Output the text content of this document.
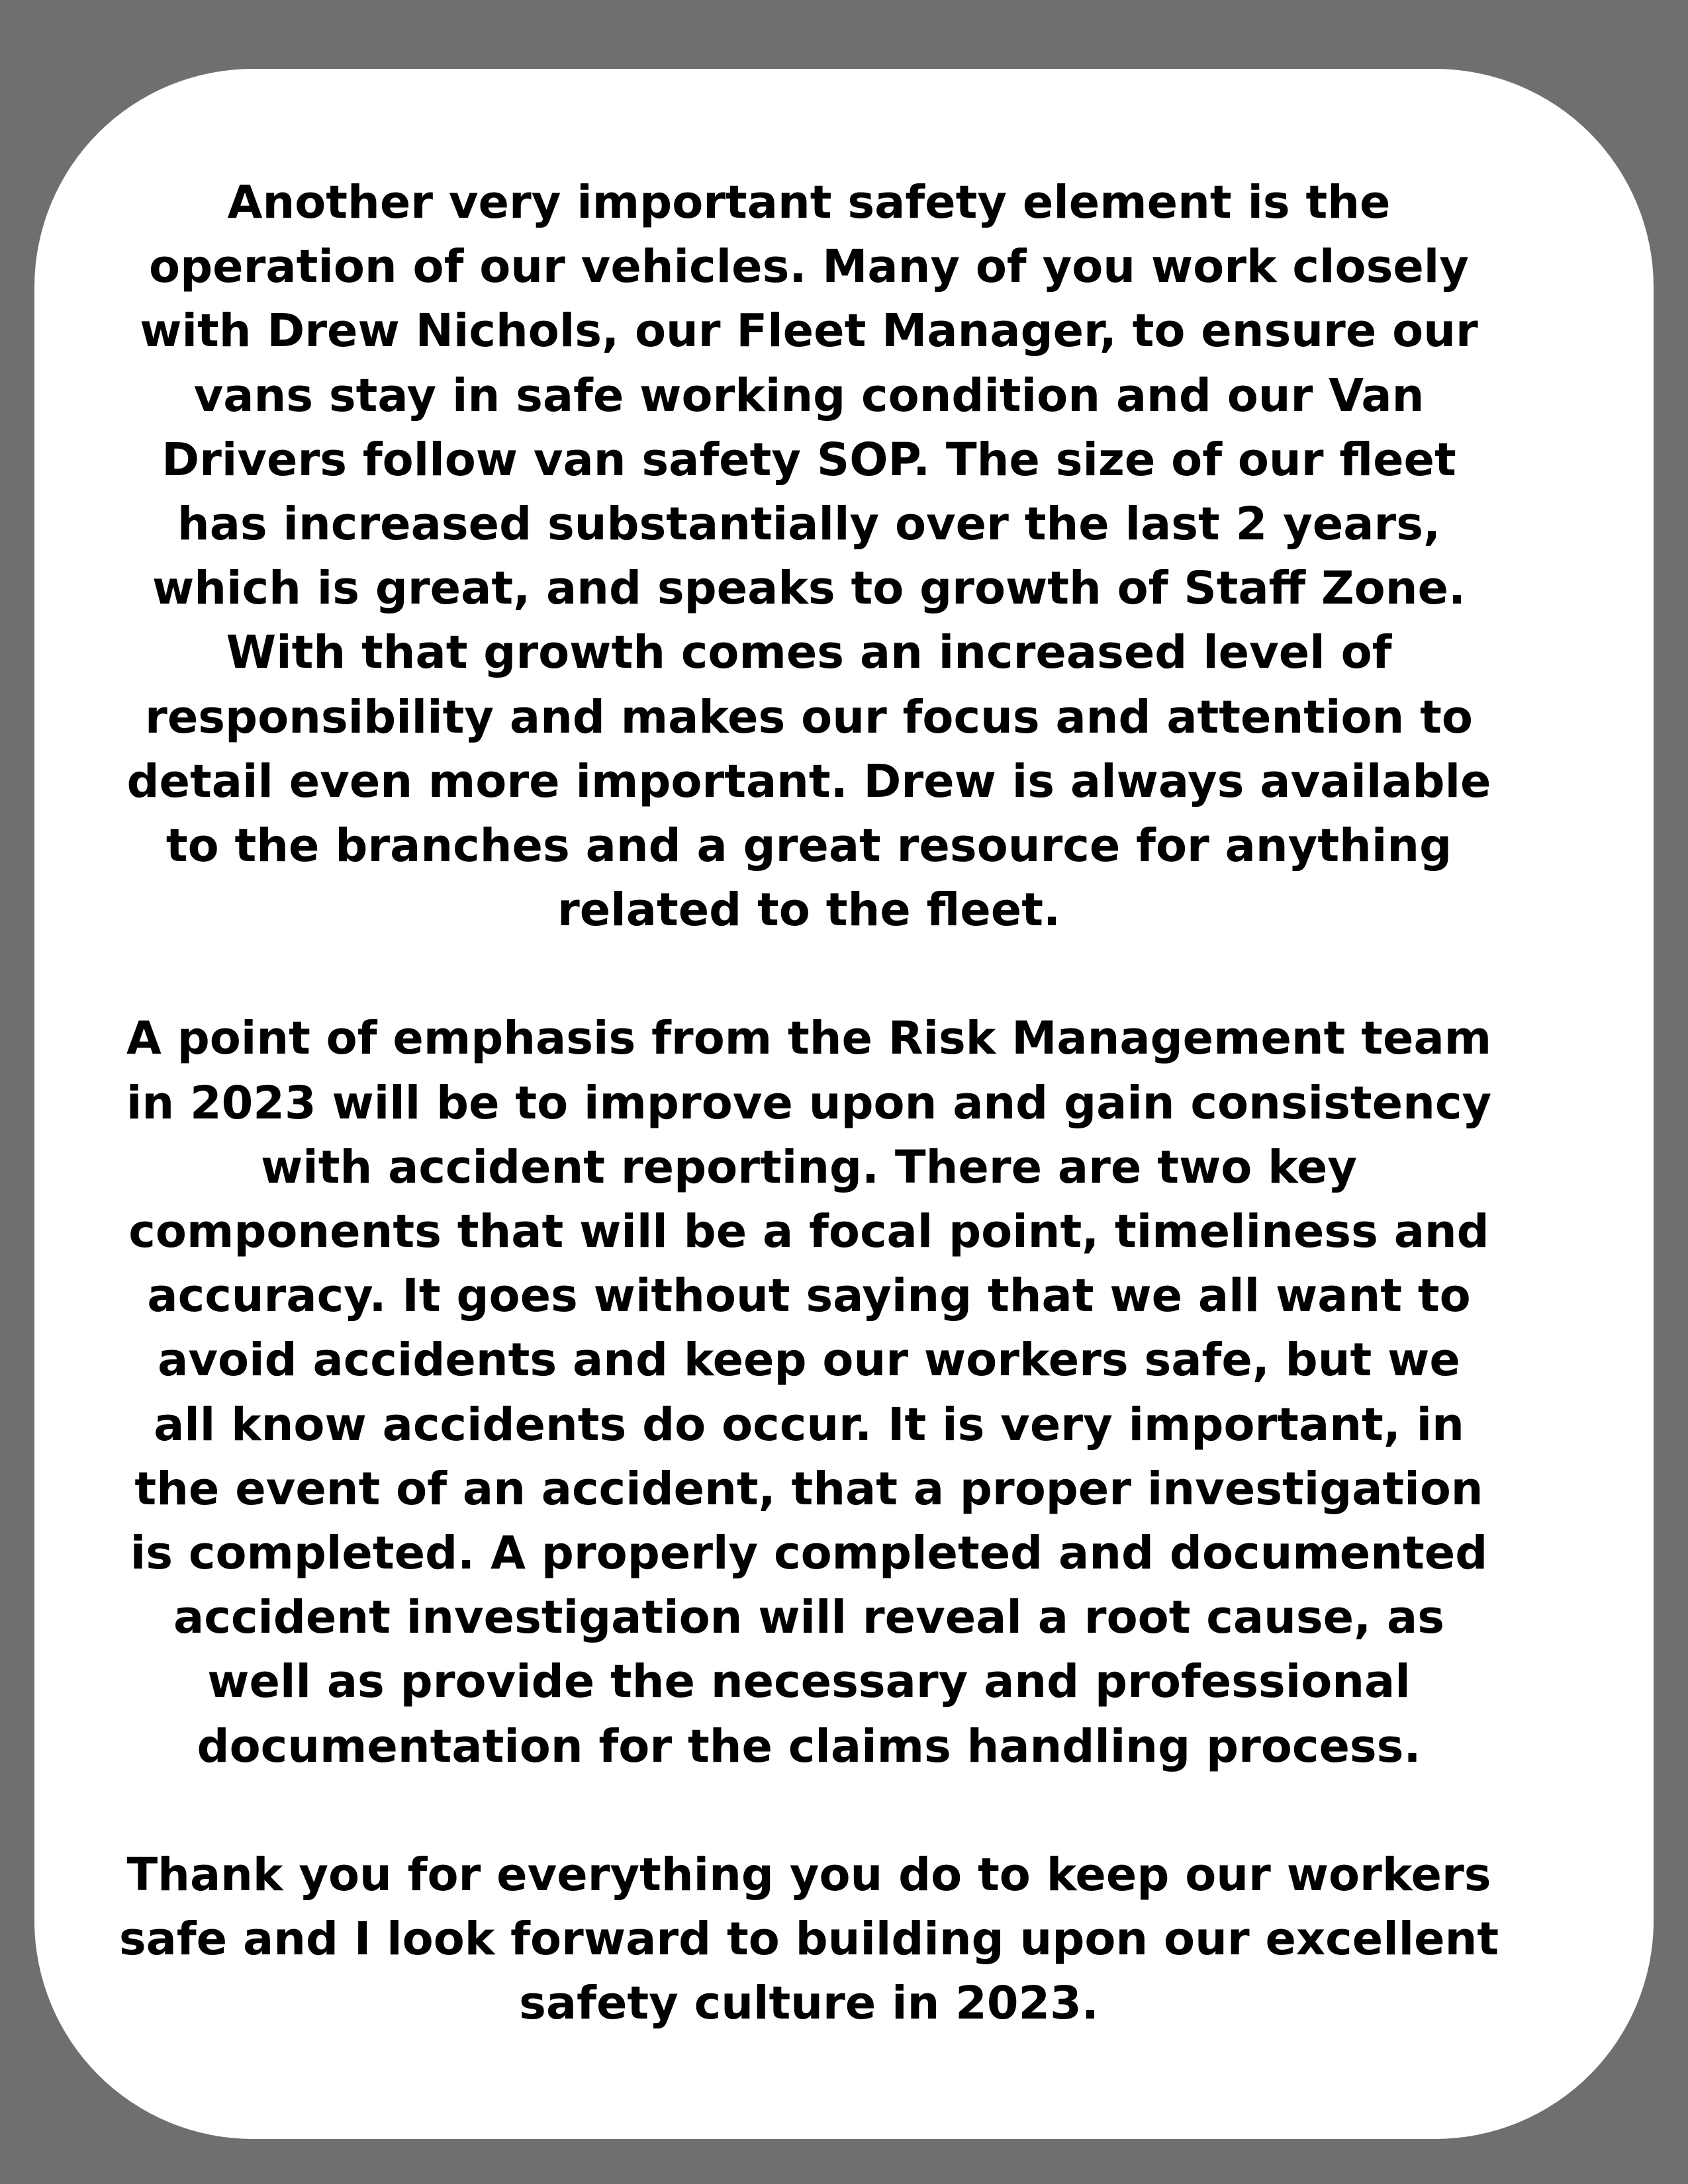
Another very important safety element is the
operation of our vehicles. Many of you work closely
with Drew Nichols, our Fleet Manager, to ensure our
vans stay in safe working condition and our Van
Drivers follow van safety SOP. The size of our fleet
has increased substantially over the last 2 years,
which is great, and speaks to growth of Staff Zone.
With that growth comes an increased level of
responsibility and makes our focus and attention to
detail even more important. Drew is always available
to the branches and a great resource for anything
related to the fleet.

A point of emphasis from the Risk Management team
in 2023 will be to improve upon and gain consistency
with accident reporting. There are two key
components that will be a focal point, timeliness and
accuracy. It goes without saying that we all want to
avoid accidents and keep our workers safe, but we
all know accidents do occur. It is very important, in
the event of an accident, that a proper investigation
is completed. A properly completed and documented
accident investigation will reveal a root cause, as
well as provide the necessary and professional
documentation for the claims handling process.

Thank you for everything you do to keep our workers
safe and I look forward to building upon our excellent
safety culture in 2023.
